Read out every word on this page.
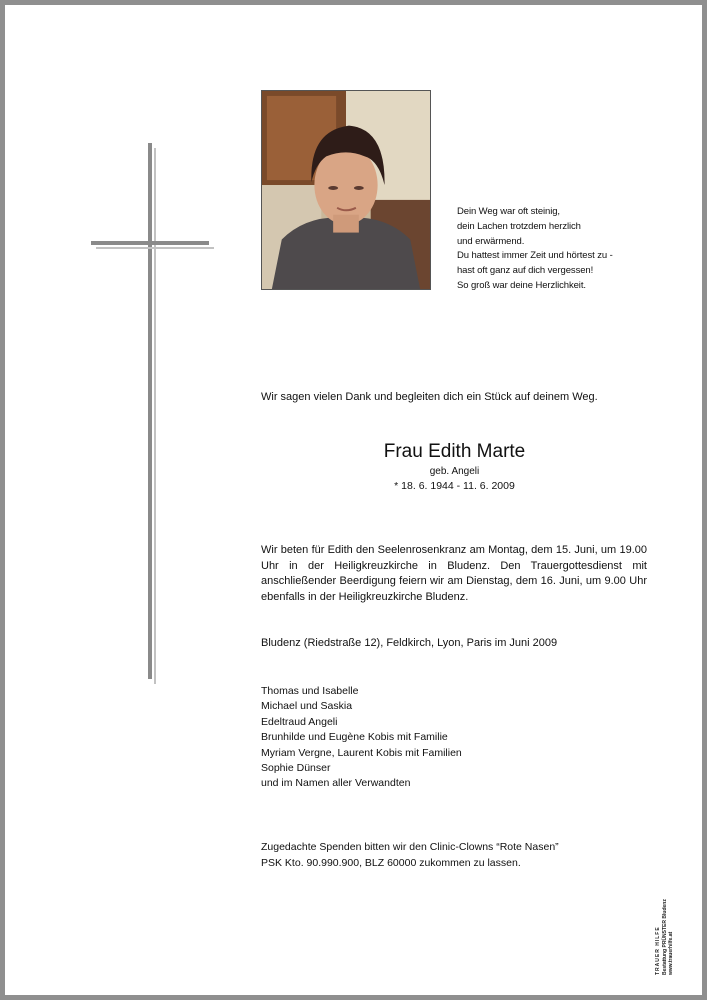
Dein Weg war oft steinig,
dein Lachen trotzdem herzlich
und erwärmend.
Du hattest immer Zeit und hörtest zu -
hast oft ganz auf dich vergessen!
So groß war deine Herzlichkeit.
Wir sagen vielen Dank und begleiten dich ein Stück auf deinem Weg.
Frau Edith Marte
geb. Angeli
* 18. 6. 1944 - 11. 6. 2009
Wir beten für Edith den Seelenrosenkranz am Montag, dem 15. Juni, um 19.00 Uhr in der Heiligkreuzkirche in Bludenz. Den Trauergottesdienst mit anschließender Beerdigung feiern wir am Dienstag, dem 16. Juni, um 9.00 Uhr ebenfalls in der Heiligkreuzkirche Bludenz.
Bludenz (Riedstraße 12), Feldkirch, Lyon, Paris im Juni 2009
Thomas und Isabelle
Michael und Saskia
Edeltraud Angeli
Brunhilde und Eugène Kobis mit Familie
Myriam Vergne, Laurent Kobis mit Familien
Sophie Dünser
und im Namen aller Verwandten
Zugedachte Spenden bitten wir den Clinic-Clowns “Rote Nasen”
PSK Kto. 90.990.900, BLZ 60000 zukommen zu lassen.
TRAUER HILFE Bestattung PRÜNSTER Bludenz www.trauerhilfe.at
